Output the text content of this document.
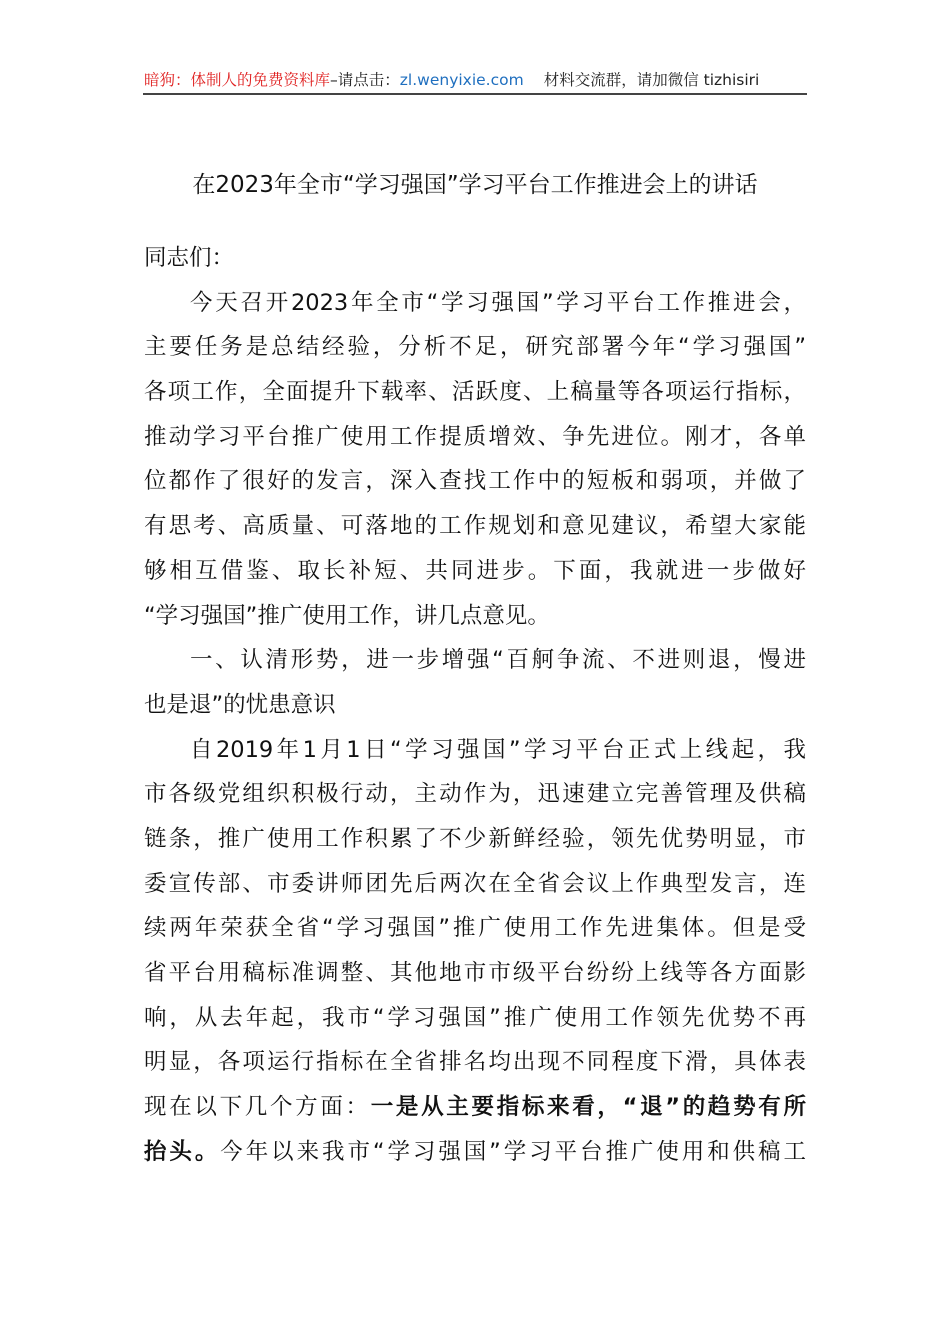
暗狗：体制人的免费资料库 –请点击： zl.wenyixie.com 材料交流群，请加微信 tizhisiri
在2023年全市“学习强国”学习平台工作推进会上的讲话
同志们：
今天召开2023年全市“学习强国”学习平台工作推进会，
主要任务是总结经验，分析不足，研究部署今年“学习强国”
各项工作，全面提升下载率、活跃度、上稿量等各项运行指标，
推动学习平台推广使用工作提质增效、争先进位。刚才，各单
位都作了很好的发言，深入查找工作中的短板和弱项，并做了
有思考、高质量、可落地的工作规划和意见建议，希望大家能
够相互借鉴、取长补短、共同进步。下面，我就进一步做好
“学习强国”推广使用工作，讲几点意见。
一、认清形势，进一步增强“百舸争流、不进则退，慢进
也是退”的忧患意识
自2019年1月1日“学习强国”学习平台正式上线起，我
市各级党组织积极行动，主动作为，迅速建立完善管理及供稿
链条，推广使用工作积累了不少新鲜经验，领先优势明显，市
委宣传部、市委讲师团先后两次在全省会议上作典型发言，连
续两年荣获全省“学习强国”推广使用工作先进集体。但是受
省平台用稿标准调整、其他地市市级平台纷纷上线等各方面影
响，从去年起，我市“学习强国”推广使用工作领先优势不再
明显，各项运行指标在全省排名均出现不同程度下滑，具体表
现在以下几个方面：一是从主要指标来看，“退”的趋势有所
抬头。今年以来我市“学习强国”学习平台推广使用和供稿工
